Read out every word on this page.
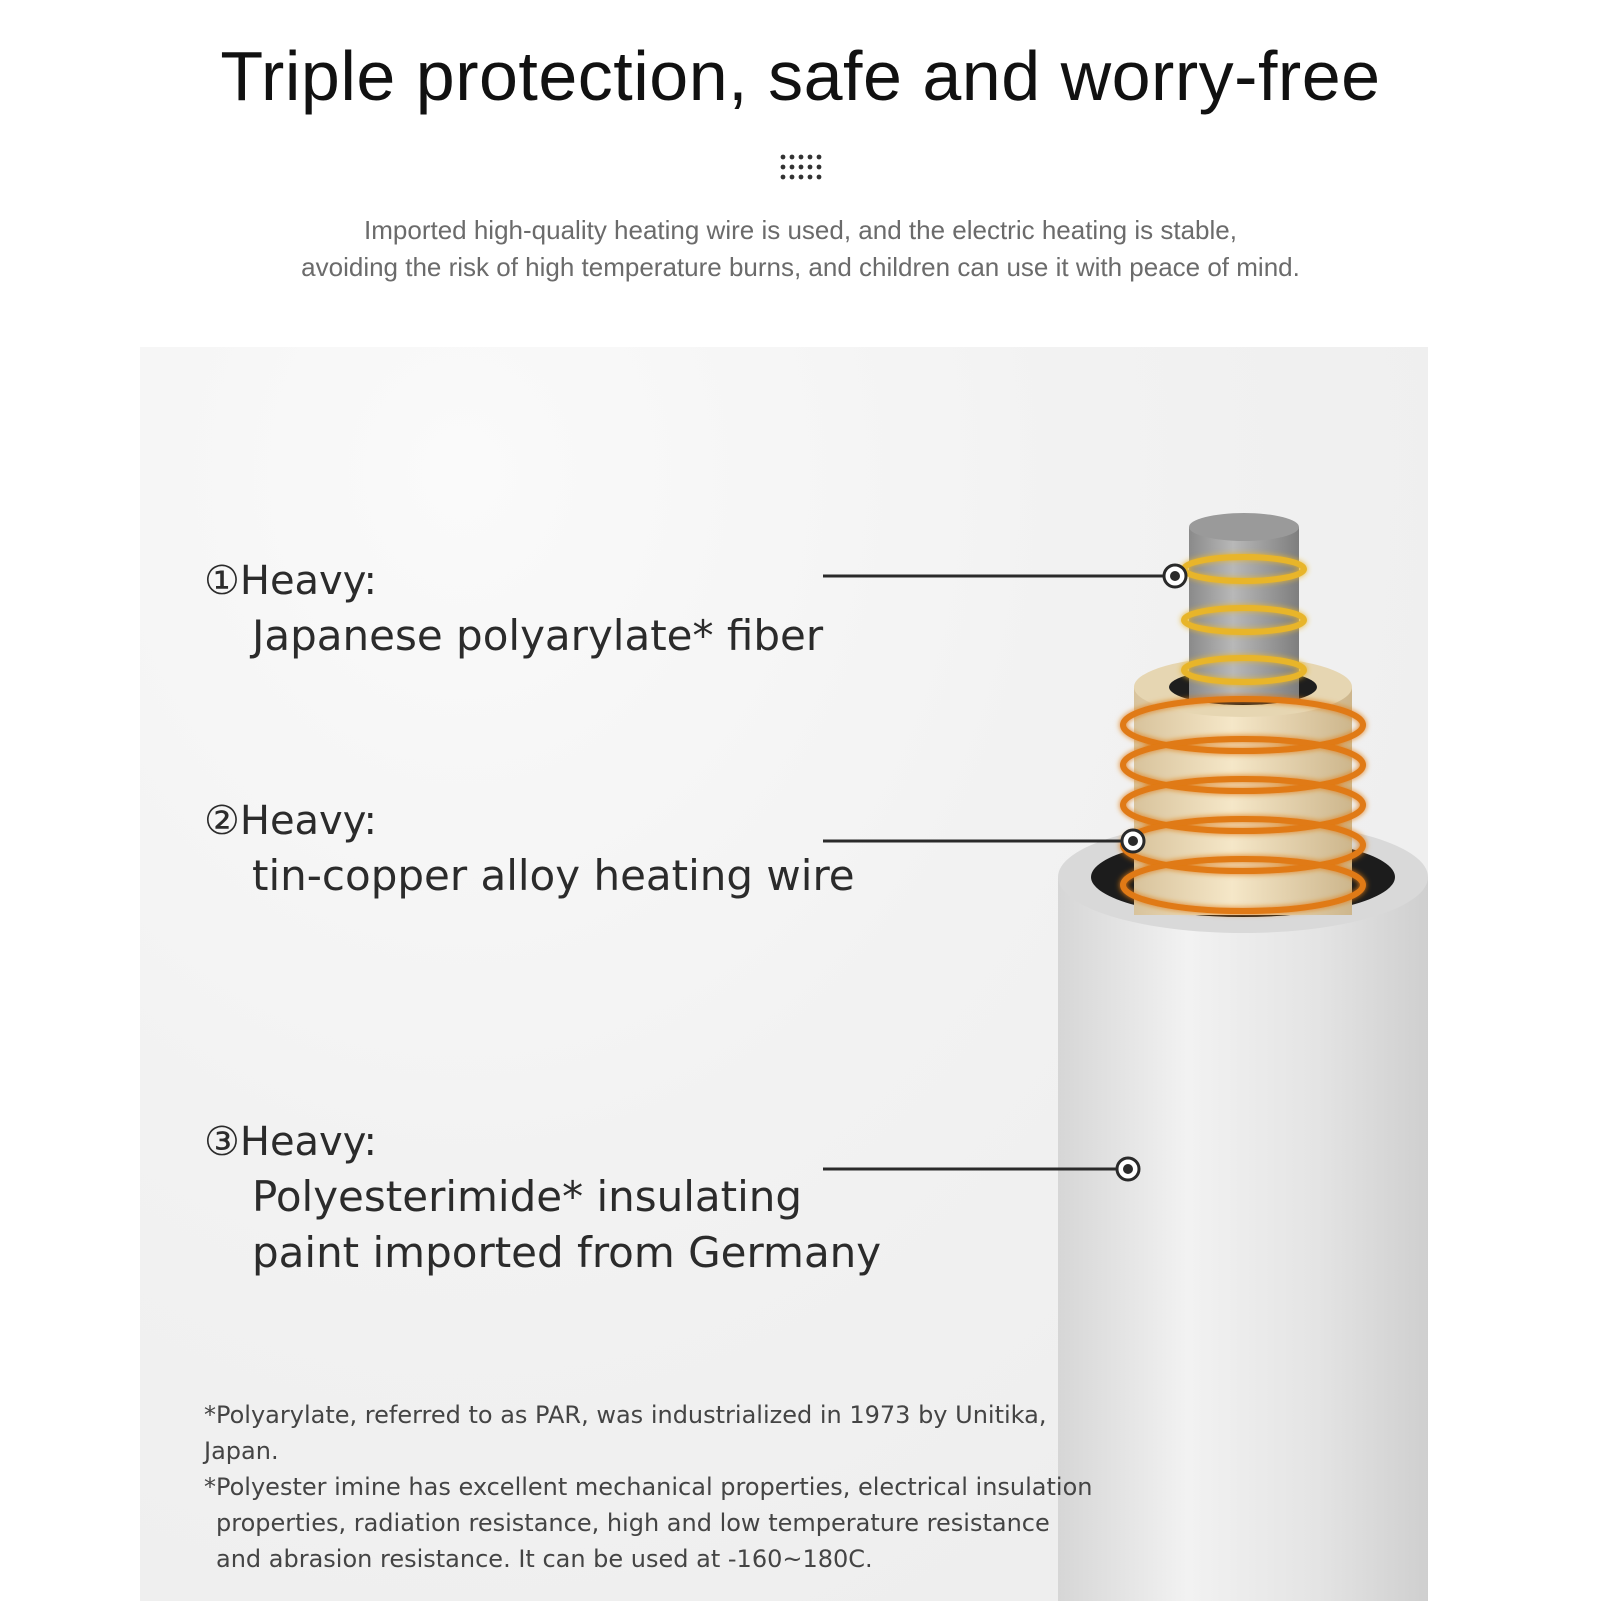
Triple protection, safe and worry-free
Imported high-quality heating wire is used, and the electric heating is stable,
avoiding the risk of high temperature burns, and children can use it with peace of mind.
①Heavy:
Japanese polyarylate* fiber
②Heavy:
tin-copper alloy heating wire
③Heavy:
Polyesterimide* insulating
paint imported from Germany
*Polyarylate, referred to as PAR, was industrialized in 1973 by Unitika, Japan.
*Polyester imine has excellent mechanical properties, electrical insulation
properties, radiation resistance, high and low temperature resistance
and abrasion resistance. It can be used at -160~180C.
